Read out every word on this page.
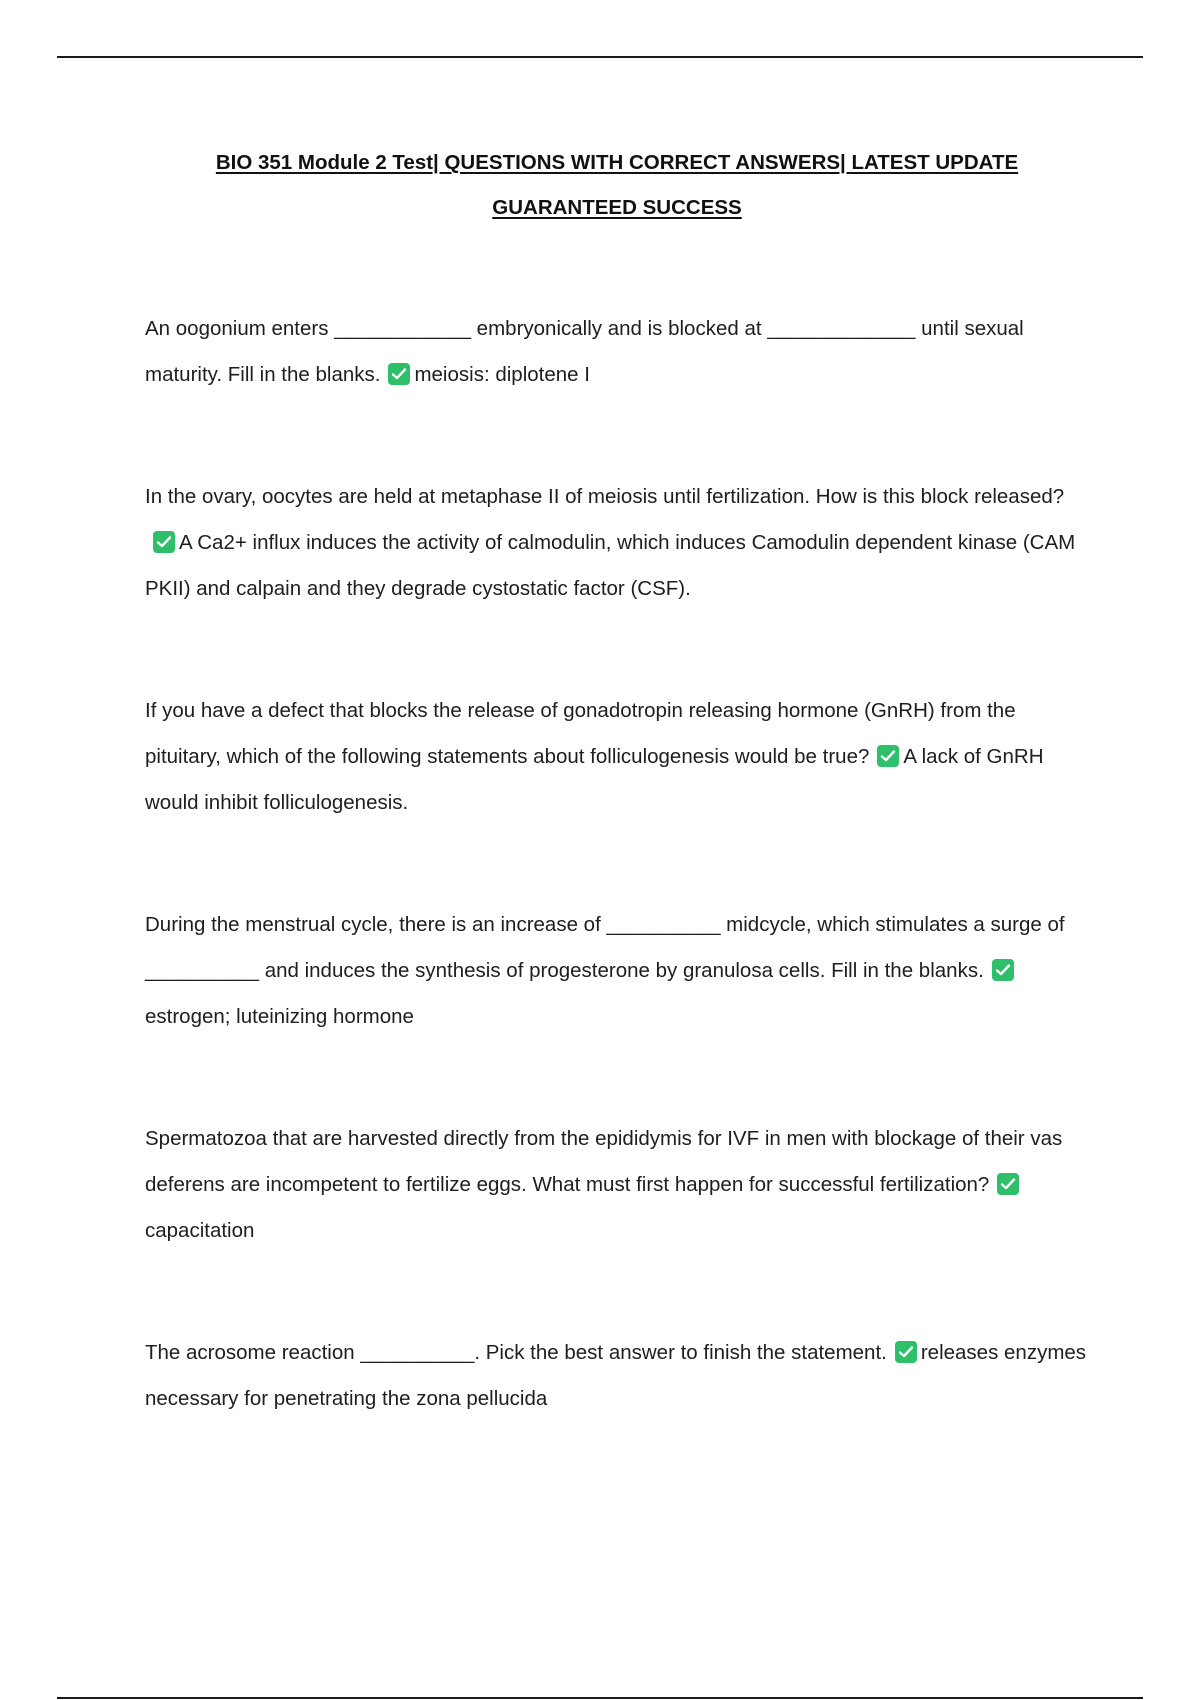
BIO 351 Module 2 Test| QUESTIONS WITH CORRECT ANSWERS| LATEST UPDATE
GUARANTEED SUCCESS

An oogonium enters ____________ embryonically and is blocked at _____________ until sexual maturity. Fill in the blanks. meiosis: diplotene I

In the ovary, oocytes are held at metaphase II of meiosis until fertilization. How is this block released?
A Ca2+ influx induces the activity of calmodulin, which induces Camodulin dependent kinase (CAM PKII) and calpain and they degrade cystostatic factor (CSF).

If you have a defect that blocks the release of gonadotropin releasing hormone (GnRH) from the pituitary, which of the following statements about folliculogenesis would be true? A lack of GnRH would inhibit folliculogenesis.

During the menstrual cycle, there is an increase of __________ midcycle, which stimulates a surge of __________ and induces the synthesis of progesterone by granulosa cells. Fill in the blanks.
estrogen; luteinizing hormone

Spermatozoa that are harvested directly from the epididymis for IVF in men with blockage of their vas deferens are incompetent to fertilize eggs. What must first happen for successful fertilization?
capacitation

The acrosome reaction __________. Pick the best answer to finish the statement. releases enzymes necessary for penetrating the zona pellucida
